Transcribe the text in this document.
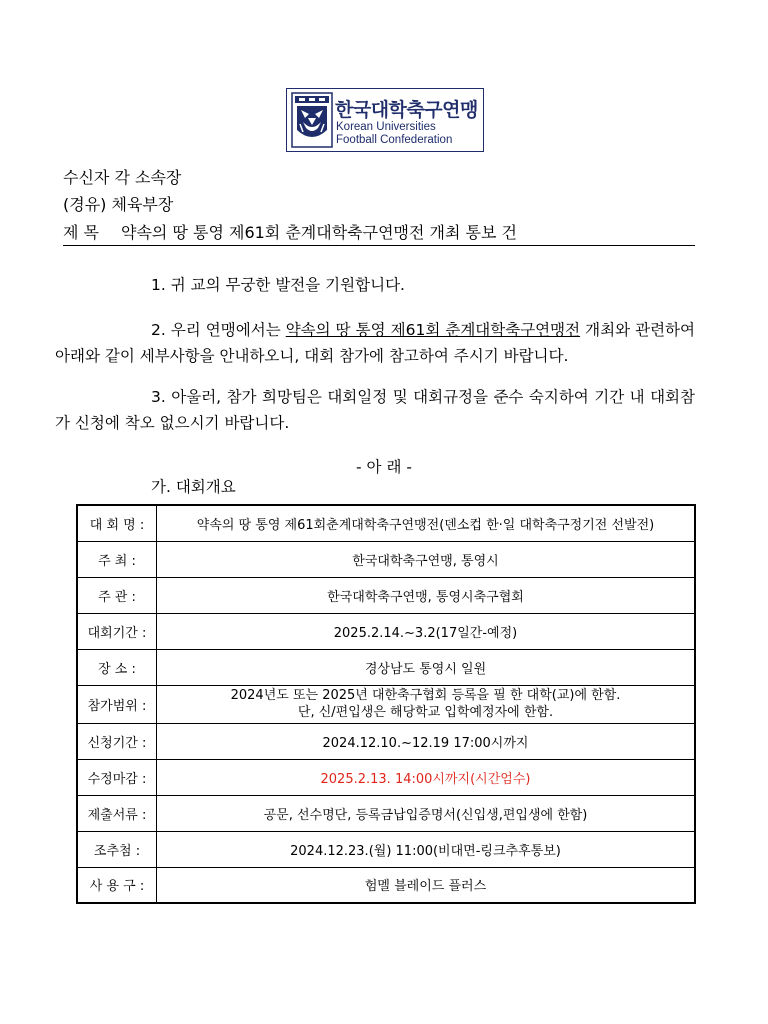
한국대학축구연맹
Korean Universities
Football Confederation
수신자 각 소속장
(경유) 체육부장
제 목 약속의 땅 통영 제61회 춘계대학축구연맹전 개최 통보 건
1. 귀 교의 무궁한 발전을 기원합니다.
2. 우리 연맹에서는 약속의 땅 통영 제61회 춘계대학축구연맹전 개최와 관련하여 아래와 같이 세부사항을 안내하오니, 대회 참가에 참고하여 주시기 바랍니다.
3. 아울러, 참가 희망팀은 대회일정 및 대회규정을 준수 숙지하여 기간 내 대회참가 신청에 착오 없으시기 바랍니다.
- 아 래 -
가. 대회개요
대 회 명 :	약속의 땅 통영 제61회춘계대학축구연맹전(덴소컵 한·일 대학축구정기전 선발전)
주 최 :	한국대학축구연맹, 통영시
주 관 :	한국대학축구연맹, 통영시축구협회
대회기간 :	2025.2.14.~3.2(17일간-예정)
장 소 :	경상남도 통영시 일원
참가범위 :	2024년도 또는 2025년 대한축구협회 등록을 필 한 대학(교)에 한함.
단, 신/편입생은 해당학교 입학예정자에 한함.

신청기간 :	2024.12.10.~12.19 17:00시까지
수정마감 :	2025.2.13. 14:00시까지(시간엄수)
제출서류 :	공문, 선수명단, 등록금납입증명서(신입생,편입생에 한함)
조추첨 :	2024.12.23.(월) 11:00(비대면-링크추후통보)
사 용 구 :	험멜 블레이드 플러스
